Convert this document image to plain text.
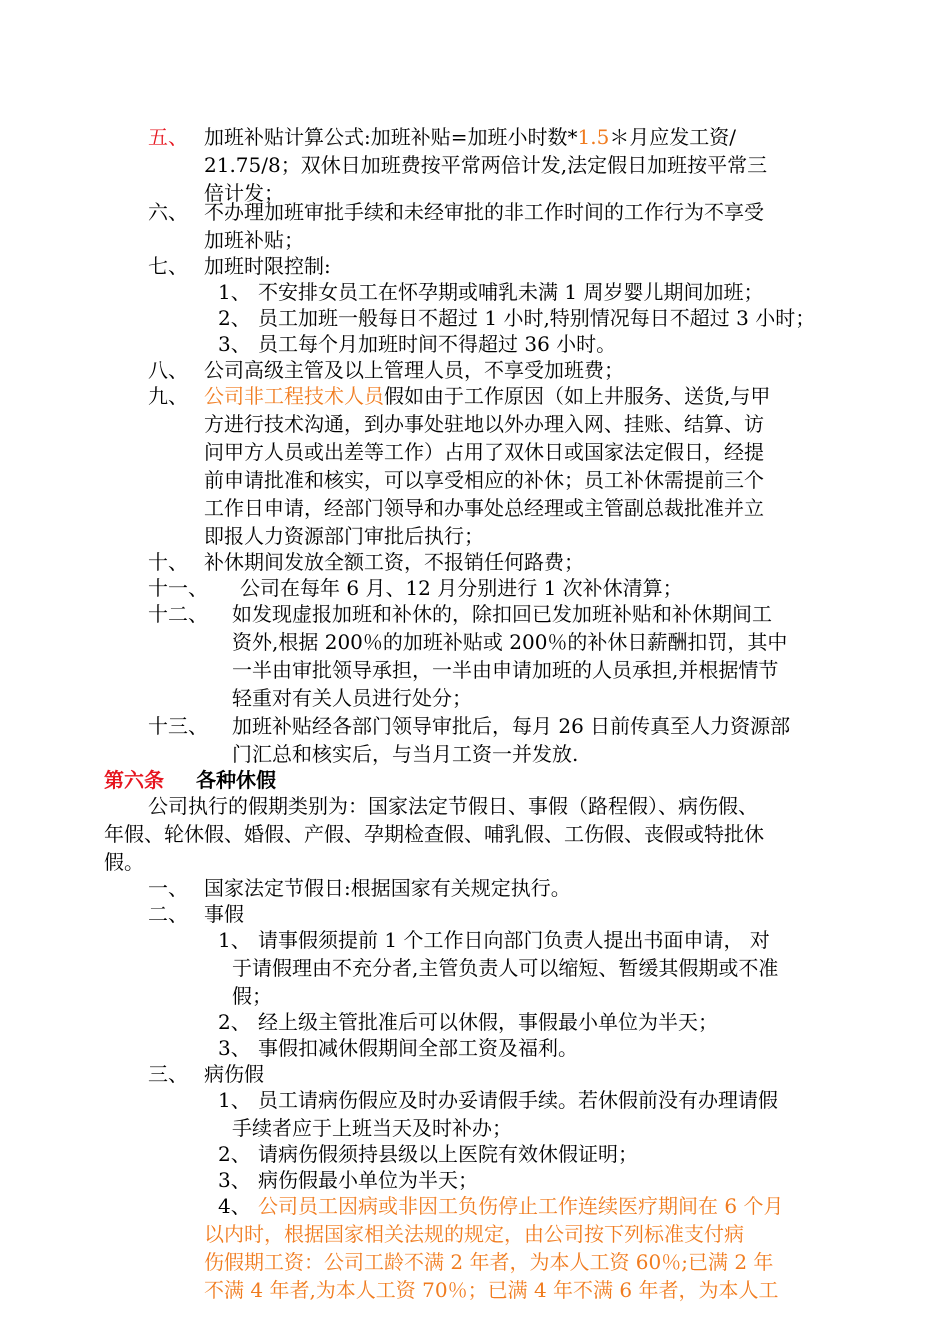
五、 加班补贴计算公式:加班补贴=加班小时数*1.5＊月应发工资/
21.75/8；双休日加班费按平常两倍计发,法定假日加班按平常三
倍计发；
六、 不办理加班审批手续和未经审批的非工作时间的工作行为不享受
加班补贴；
七、 加班时限控制:
1、 不安排女员工在怀孕期或哺乳未满 1 周岁婴儿期间加班；
2、 员工加班一般每日不超过 1 小时,特别情况每日不超过 3 小时；
3、 员工每个月加班时间不得超过 36 小时。
八、 公司高级主管及以上管理人员，不享受加班费；
九、 公司非工程技术人员假如由于工作原因（如上井服务、送货,与甲
方进行技术沟通，到办事处驻地以外办理入网、挂账、结算、访
问甲方人员或出差等工作）占用了双休日或国家法定假日，经提
前申请批准和核实，可以享受相应的补休；员工补休需提前三个
工作日申请，经部门领导和办事处总经理或主管副总裁批准并立
即报人力资源部门审批后执行；
十、 补休期间发放全额工资，不报销任何路费；
十一、 公司在每年 6 月、12 月分别进行 1 次补休清算；
十二、 如发现虚报加班和补休的，除扣回已发加班补贴和补休期间工
资外,根据 200％的加班补贴或 200％的补休日薪酬扣罚，其中
一半由审批领导承担，一半由申请加班的人员承担,并根据情节
轻重对有关人员进行处分；
十三、 加班补贴经各部门领导审批后，每月 26 日前传真至人力资源部
门汇总和核实后，与当月工资一并发放.
第六条 各种休假
公司执行的假期类别为：国家法定节假日、事假（路程假）、病伤假、
年假、轮休假、婚假、产假、孕期检查假、哺乳假、工伤假、丧假或特批休
假。
一、 国家法定节假日:根据国家有关规定执行。
二、 事假
1、 请事假须提前 1 个工作日向部门负责人提出书面申请， 对
于请假理由不充分者,主管负责人可以缩短、暂缓其假期或不准
假；
2、 经上级主管批准后可以休假，事假最小单位为半天；
3、 事假扣减休假期间全部工资及福利。
三、 病伤假
1、 员工请病伤假应及时办妥请假手续。若休假前没有办理请假
手续者应于上班当天及时补办；
2、 请病伤假须持县级以上医院有效休假证明；
3、 病伤假最小单位为半天；
4、 公司员工因病或非因工负伤停止工作连续医疗期间在 6 个月
以内时，根据国家相关法规的规定，由公司按下列标准支付病
伤假期工资：公司工龄不满 2 年者，为本人工资 60％;已满 2 年
不满 4 年者,为本人工资 70％；已满 4 年不满 6 年者，为本人工
